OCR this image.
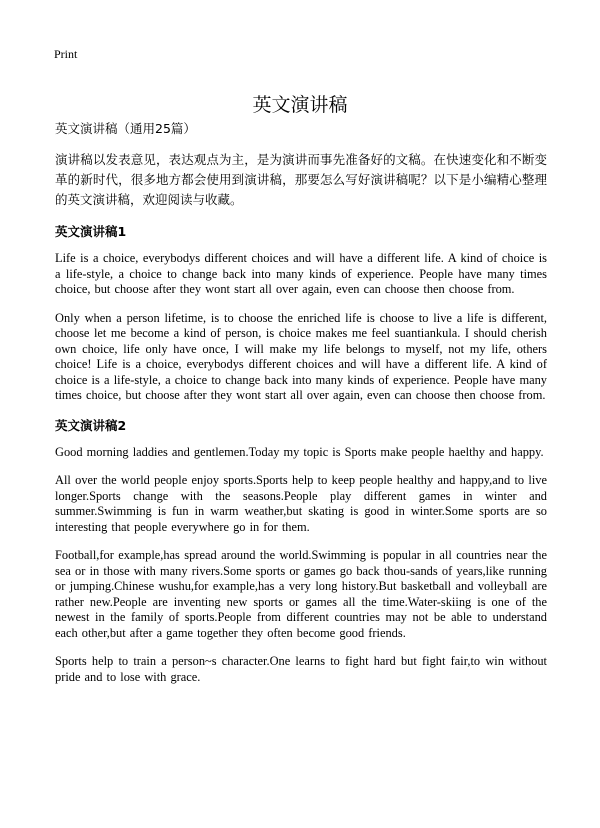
Print
英文演讲稿
英文演讲稿（通用25篇）

演讲稿以发表意见，表达观点为主，是为演讲而事先准备好的文稿。在快速变化和不断变革的新时代，很多地方都会使用到演讲稿，那要怎么写好演讲稿呢？以下是小编精心整理的英文演讲稿，欢迎阅读与收藏。

英文演讲稿1

Life is a choice, everybodys different choices and will have a different life. A kind of choice is a life-style, a choice to change back into many kinds of experience. People have many times choice, but choose after they wont start all over again, even can choose then choose from.

Only when a person lifetime, is to choose the enriched life is choose to live a life is different, choose let me become a kind of person, is choice makes me feel suantiankula. I should cherish own choice, life only have once, I will make my life belongs to myself, not my life, others choice! Life is a choice, everybodys different choices and will have a different life. A kind of choice is a life-style, a choice to change back into many kinds of experience. People have many times choice, but choose after they wont start all over again, even can choose then choose from.

英文演讲稿2

Good morning laddies and gentlemen.Today my topic is Sports make people haelthy and happy.

All over the world people enjoy sports.Sports help to keep people healthy and happy,and to live longer.Sports change with the seasons.People play different games in winter and summer.Swimming is fun in warm weather,but skating is good in winter.Some sports are so interesting that people everywhere go in for them.

Football,for example,has spread around the world.Swimming is popular in all countries near the sea or in those with many rivers.Some sports or games go back thou-sands of years,like running or jumping.Chinese wushu,for example,has a very long history.But basketball and volleyball are rather new.People are inventing new sports or games all the time.Water-skiing is one of the newest in the family of sports.People from different countries may not be able to understand each other,but after a game together they often become good friends.

Sports help to train a person~s character.One learns to fight hard but fight fair,to win without pride and to lose with grace.
